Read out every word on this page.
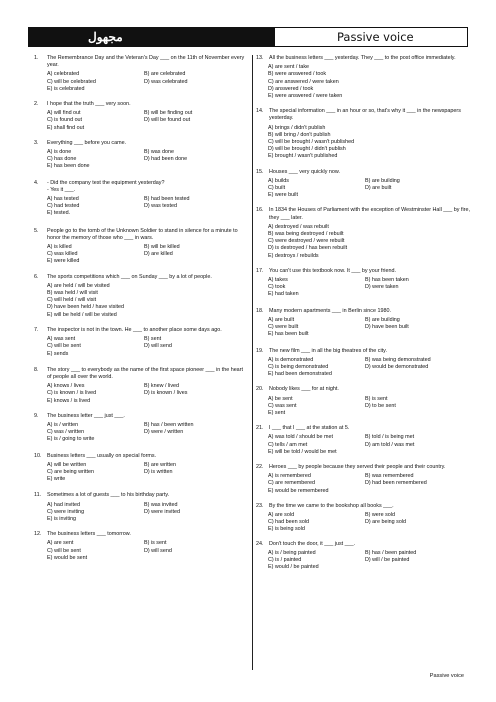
مجهول	Passive voice
1.	The Remembrance Day and the Veteran's Day ___ on the 11th of November every year.
A) celebrated	B) are celebrated
C) will be celebrated	D) was celebrated
E) is celebrated
2.	I hope that the truth ___ very soon.
A) will find out	B) will be finding out
C) is found out	D) will be found out
E) shall find out
3.	Everything ___ before you came.
A) is done	B) was done
C) has done	D) had been done
E) has been done
4.	- Did the company test the equipment yesterday?
- Yes it ___.
A) has tested	B) had been tested
C) had tested	D) was tested
E) tested.
5.	People go to the tomb of the Unknown Soldier to stand in silence for a minute to honor the memory of those who ___ in wars.
A) is killed	B) will be killed
C) was killed	D) are killed
E) were killed
6.	The sports competitions which ___ on Sunday ___ by a lot of people.
A) are held / will be visited
B) was held / will visit
C) will held / will visit
D) have been held / have visited
E) will be held / will be visited
7.	The inspector is not in the town. He ___ to another place some days ago.
A) was sent	B) sent
C) will be sent	D) will send
E) sends
8.	The story ___ to everybody as the name of the first space pioneer ___ in the heart of people all over the world.
A) knows / lives	B) knew / lived
C) is known / is lived	D) is known / lives
E) knows / is lived
9.	The business letter ___ just ___.
A) is / written	B) has / been written
C) was / written	D) were / written
E) is / going to write
10.	Business letters ___ usually on special forms.
A) will be written	B) are written
C) are being written	D) is written
E) write
11.	Sometimes a lot of guests ___ to his birthday party.
A) had invited	B) was invited
C) were inviting	D) were invited
E) is inviting
12.	The business letters ___ tomorrow.
A) are sent	B) is sent
C) will be sent	D) will send
E) would be sent
13.	All the business letters ___ yesterday. They ___ to the post office immediately.
A) are sent / take
B) were answered / took
C) are answered / were taken
D) answered / took
E) were answered / were taken
14.	The special information ___ in an hour or so, that's why it ___ in the newspapers yesterday.
A) brings / didn't publish
B) will bring / don't publish
C) will be brought / wasn't published
D) will be brought / didn't publish
E) brought / wasn't published
15.	Houses ___ very quickly now.
A) builds	B) are building
C) built	D) are built
E) were built
16.	In 1834 the Houses of Parliament with the exception of Westminster Hall ___ by fire, they ___ later.
A) destroyed / was rebuilt
B) was being destroyed / rebuilt
C) were destroyed / were rebuilt
D) is destroyed / has been rebuilt
E) destroys / rebuilds
17.	You can't use this textbook now. It ___ by your friend.
A) takes	B) has been taken
C) took	D) were taken
E) had taken
18.	Many modern apartments ___ in Berlin since 1980.
A) are built	B) are building
C) were built	D) have been built
E) has been built
19.	The new film ___ in all the big theatres of the city.
A) is demonstrated	B) was being demonstrated
C) is being demonstrated	D) would be demonstrated
E) had been demonstrated
20.	Nobody likes ___ for at night.
A) be sent	B) is sent
C) was sent	D) to be sent
E) sent
21.	I ___ that I ___ at the station at 5.
A) was told / should be met	B) told / is being met
C) tells / am met	D) am told / was met
E) will be told / would be met
22.	Heroes ___ by people because they served their people and their country.
A) is remembered	B) was remembered
C) are remembered	D) had been remembered
E) would be remembered
23.	By the time we came to the bookshop all books ___.
A) are sold	B) were sold
C) had been sold	D) are being sold
E) is being sold
24.	Don't touch the door, it ___ just ___.
A) is / being painted	B) has / been painted
C) is / painted	D) will / be painted
E) would / be painted
Passive voice
